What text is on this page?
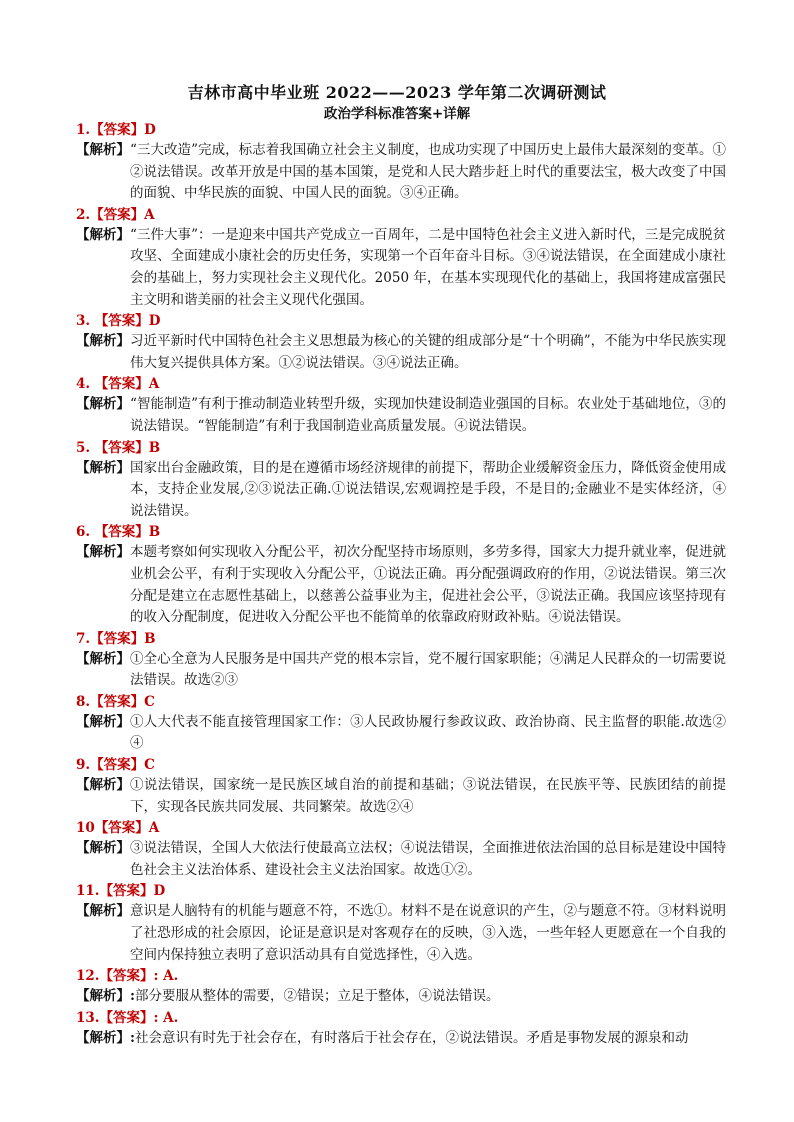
吉林市高中毕业班 2022——2023 学年第二次调研测试
政治学科标准答案+详解

1.【答案】D

【解析】 “三大改造”完成，标志着我国确立社会主义制度，也成功实现了中国历史上最伟大最深刻的变革。①②说法错误。改革开放是中国的基本国策，是党和人民大踏步赶上时代的重要法宝，极大改变了中国的面貌、中华民族的面貌、中国人民的面貌。③④正确。

2.【答案】A

【解析】 “三件大事”：一是迎来中国共产党成立一百周年，二是中国特色社会主义进入新时代，三是完成脱贫攻坚、全面建成小康社会的历史任务，实现第一个百年奋斗目标。③④说法错误，在全面建成小康社会的基础上，努力实现社会主义现代化。2050 年，在基本实现现代化的基础上，我国将建成富强民主文明和谐美丽的社会主义现代化强国。

3. 【答案】D

【解析】 习近平新时代中国特色社会主义思想最为核心的关键的组成部分是“十个明确”，不能为中华民族实现伟大复兴提供具体方案。①②说法错误。③④说法正确。

4. 【答案】A

【解析】 “智能制造”有利于推动制造业转型升级，实现加快建设制造业强国的目标。农业处于基础地位，③的说法错误。“智能制造”有利于我国制造业高质量发展。④说法错误。

5. 【答案】B

【解析】 国家出台金融政策，目的是在遵循市场经济规律的前提下，帮助企业缓解资金压力，降低资金使用成本，支持企业发展,②③说法正确.①说法错误,宏观调控是手段，不是目的;金融业不是实体经济，④说法错误。

6. 【答案】B

【解析】 本题考察如何实现收入分配公平，初次分配坚持市场原则，多劳多得，国家大力提升就业率，促进就业机会公平，有利于实现收入分配公平，①说法正确。再分配强调政府的作用，②说法错误。第三次分配是建立在志愿性基础上，以慈善公益事业为主，促进社会公平，③说法正确。我国应该坚持现有的收入分配制度，促进收入分配公平也不能简单的依靠政府财政补贴。④说法错误。

7.【答案】B

【解析】 ①全心全意为人民服务是中国共产党的根本宗旨，党不履行国家职能；④满足人民群众的一切需要说法错误。故选②③

8.【答案】C

【解析】 ①人大代表不能直接管理国家工作：③人民政协履行参政议政、政治协商、民主监督的职能.故选②④

9.【答案】C

【解析】 ①说法错误，国家统一是民族区域自治的前提和基础；③说法错误，在民族平等、民族团结的前提下，实现各民族共同发展、共同繁荣。故选②④

10【答案】A

【解析】 ③说法错误，全国人大依法行使最高立法权；④说法错误，全面推进依法治国的总目标是建设中国特色社会主义法治体系、建设社会主义法治国家。故选①②。

11.【答案】D

【解析】 意识是人脑特有的机能与题意不符，不选①。材料不是在说意识的产生，②与题意不符。③材料说明了社恐形成的社会原因，论证是意识是对客观存在的反映，③入选，一些年轻人更愿意在一个自我的空间内保持独立表明了意识活动具有自觉选择性，④入选。

12.【答案】: A.

【解析】: 部分要服从整体的需要，②错误；立足于整体，④说法错误。

13.【答案】: A.

【解析】: 社会意识有时先于社会存在，有时落后于社会存在，②说法错误。矛盾是事物发展的源泉和动
